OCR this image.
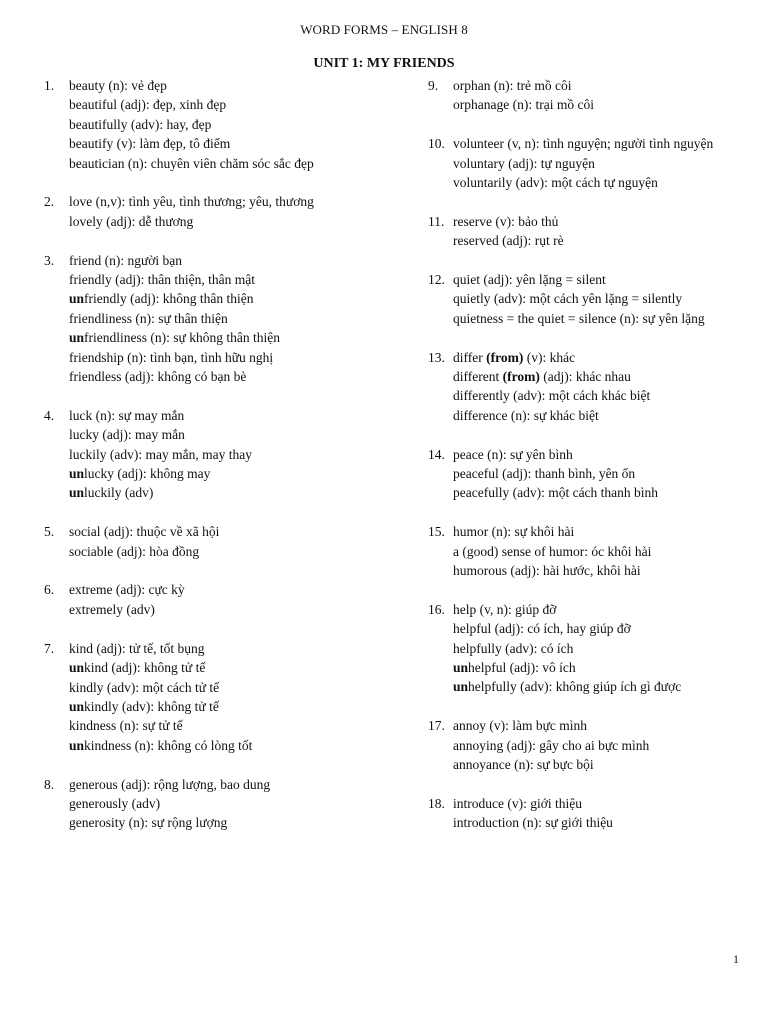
WORD FORMS – ENGLISH 8
UNIT 1: MY FRIENDS
1.	beauty (n): vẻ đẹp
beautiful (adj): đẹp, xinh đẹp
beautifully (adv): hay, đẹp
beautify (v): làm đẹp, tô điểm
beautician (n): chuyên viên chăm sóc sắc đẹp
2.	love (n,v): tình yêu, tình thương; yêu, thương
lovely (adj): dễ thương
3.	friend (n): người bạn
friendly (adj): thân thiện, thân mật
unfriendly (adj): không thân thiện
friendliness (n): sự thân thiện
unfriendliness (n): sự không thân thiện
friendship (n): tình bạn, tình hữu nghị
friendless (adj): không có bạn bè
4.	luck (n): sự may mắn
lucky (adj): may mắn
luckily (adv): may mắn, may thay
unlucky (adj): không may
unluckily (adv)
5.	social (adj): thuộc về xã hội
sociable (adj): hòa đồng
6.	extreme (adj): cực kỳ
extremely (adv)
7.	kind (adj): tử tế, tốt bụng
unkind (adj): không tử tế
kindly (adv): một cách tử tế
unkindly (adv): không tử tế
kindness (n): sự tử tế
unkindness (n): không có lòng tốt
8.	generous (adj): rộng lượng, bao dung
generously (adv)
generosity (n): sự rộng lượng
9.	orphan (n): trẻ mồ côi
orphanage (n): trại mồ côi
10. volunteer (v, n): tình nguyện; người tình nguyện
voluntary (adj): tự nguyện
voluntarily (adv): một cách tự nguyện
11. reserve (v): bảo thủ
reserved (adj): rụt rè
12. quiet (adj): yên lặng = silent
quietly (adv): một cách yên lặng = silently
quietness = the quiet = silence (n): sự yên lặng
13. differ (from) (v): khác
different (from) (adj): khác nhau
differently (adv): một cách khác biệt
difference (n): sự khác biệt
14. peace (n): sự yên bình
peaceful (adj): thanh bình, yên ổn
peacefully (adv): một cách thanh bình
15. humor (n): sự khôi hài
a (good) sense of humor: óc khôi hài
humorous (adj): hài hước, khôi hài
16. help (v, n): giúp đỡ
helpful (adj): có ích, hay giúp đỡ
helpfully (adv): có ích
unhelpful (adj): vô ích
unhelpfully (adv): không giúp ích gì được
17. annoy (v): làm bực mình
annoying (adj): gây cho ai bực mình
annoyance (n): sự bực bội
18. introduce (v): giới thiệu
introduction (n): sự giới thiệu
1
